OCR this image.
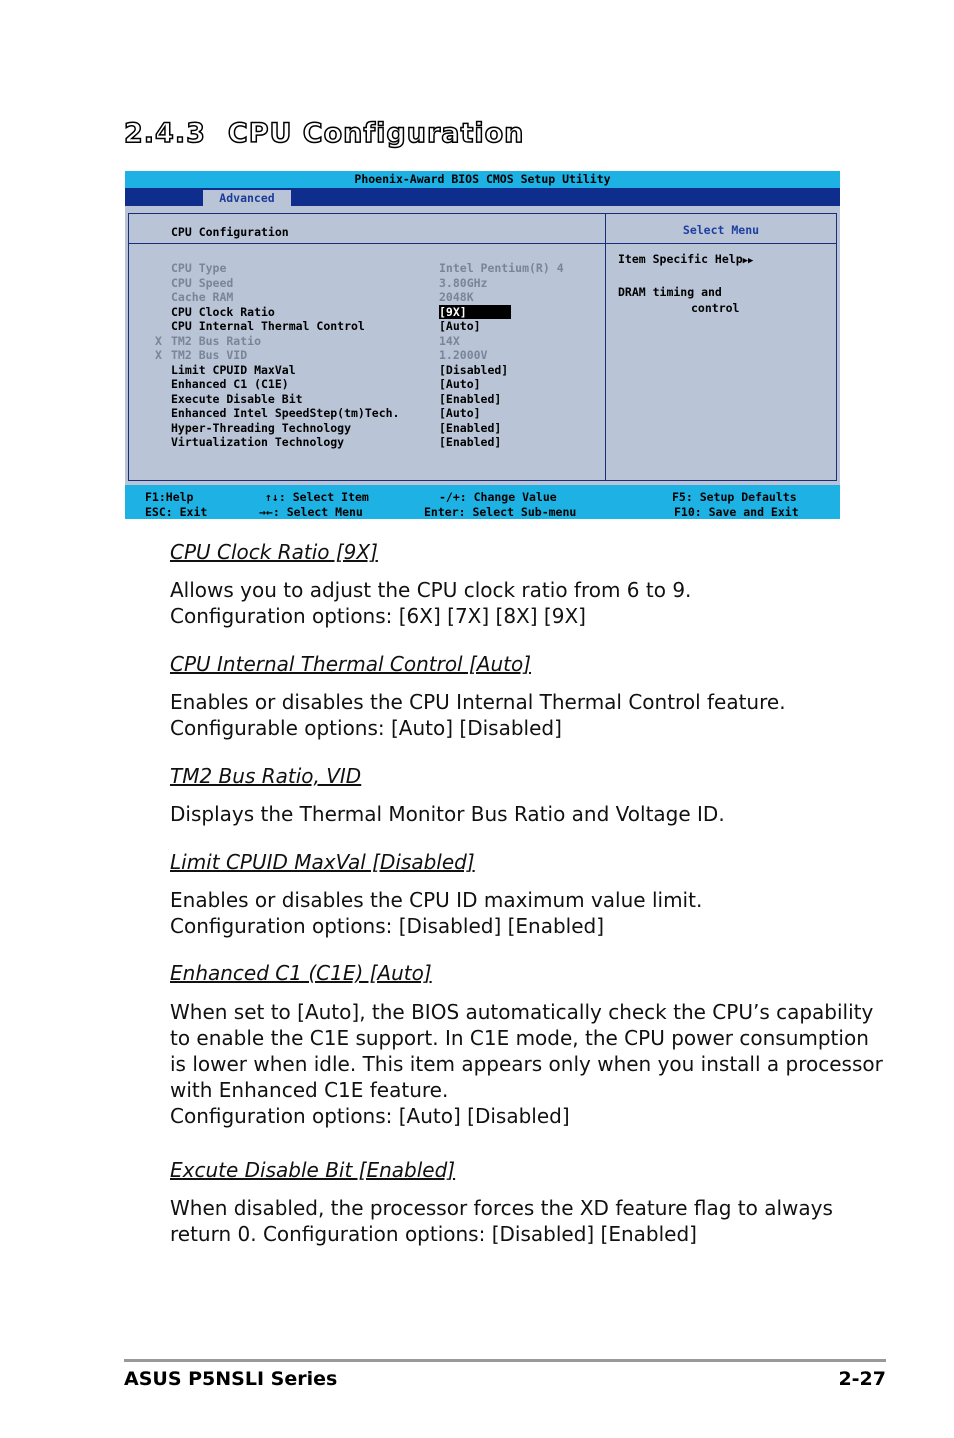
2.4.3 CPU Configuration
Phoenix-Award BIOS CMOS Setup Utility
Advanced
CPU Configuration
CPU Type	Intel Pentium(R) 4
CPU Speed	3.80GHz
Cache RAM	2048K
CPU Clock Ratio	[9X]
CPU Internal Thermal Control	[Auto]
X TM2 Bus Ratio	14X
X TM2 Bus VID	1.2000V
Limit CPUID MaxVal	[Disabled]
Enhanced C1 (C1E)	[Auto]
Execute Disable Bit	[Enabled]
Enhanced Intel SpeedStep(tm)Tech.	[Auto]
Hyper-Threading Technology	[Enabled]
Virtualization Technology	[Enabled]
Select Menu
Item Specific Help▶▶

DRAM timing and
control
F1:Help
ESC: Exit
↑↓: Select Item
→←: Select Menu
-/+: Change Value
Enter: Select Sub-menu
F5: Setup Defaults
F10: Save and Exit
CPU Clock Ratio [9X]
Allows you to adjust the CPU clock ratio from 6 to 9.
Configuration options: [6X] [7X] [8X] [9X]
CPU Internal Thermal Control [Auto]
Enables or disables the CPU Internal Thermal Control feature.
Configurable options: [Auto] [Disabled]
TM2 Bus Ratio, VID
Displays the Thermal Monitor Bus Ratio and Voltage ID.
Limit CPUID MaxVal [Disabled]
Enables or disables the CPU ID maximum value limit.
Configuration options: [Disabled] [Enabled]
Enhanced C1 (C1E) [Auto]
When set to [Auto], the BIOS automatically check the CPU’s capability
to enable the C1E support. In C1E mode, the CPU power consumption
is lower when idle. This item appears only when you install a processor
with Enhanced C1E feature.
Configuration options: [Auto] [Disabled]
Excute Disable Bit [Enabled]
When disabled, the processor forces the XD feature flag to always
return 0. Configuration options: [Disabled] [Enabled]
ASUS P5NSLI Series	2-27
